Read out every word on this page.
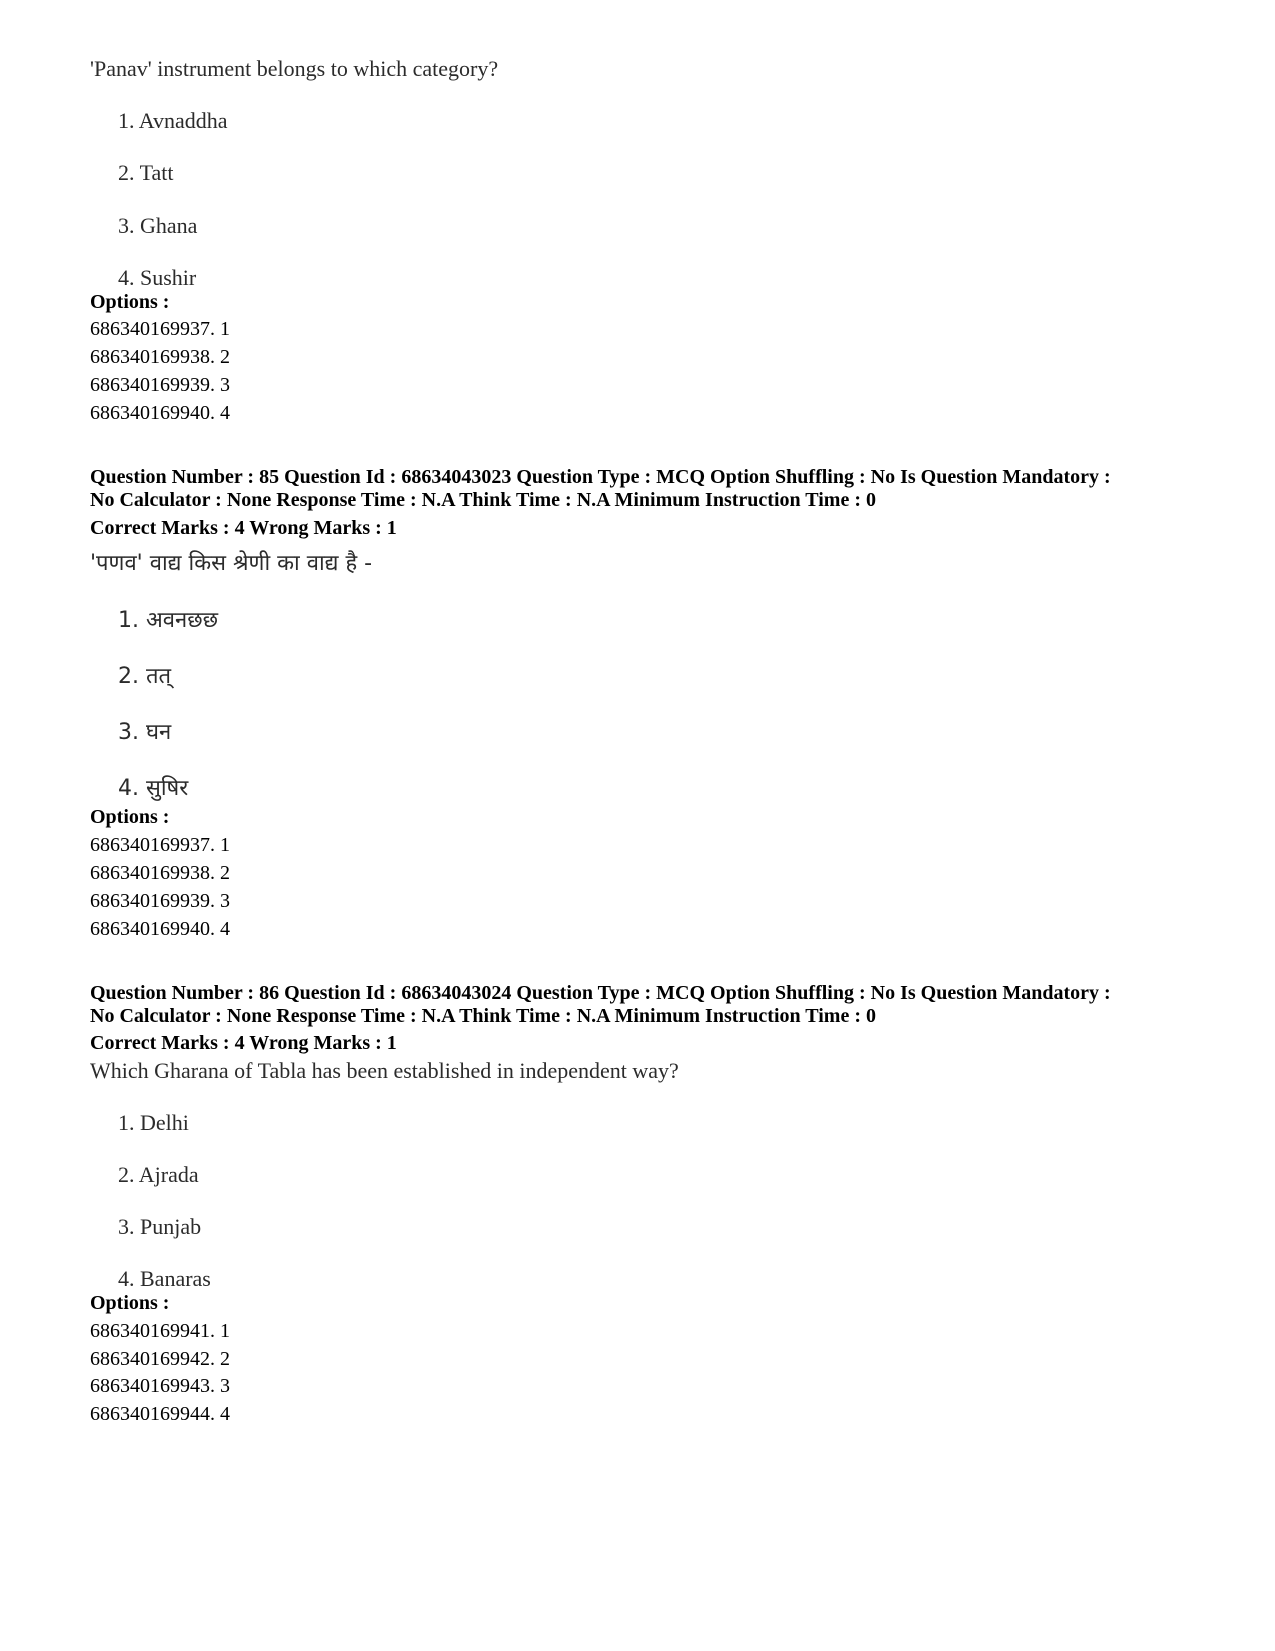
'Panav' instrument belongs to which category?
1. Avnaddha
2. Tatt
3. Ghana
4. Sushir
Options :
686340169937. 1
686340169938. 2
686340169939. 3
686340169940. 4
Question Number : 85 Question Id : 68634043023 Question Type : MCQ Option Shuffling : No Is Question Mandatory :
No Calculator : None Response Time : N.A Think Time : N.A Minimum Instruction Time : 0
Correct Marks : 4 Wrong Marks : 1
'पणव' वाद्य किस श्रेणी का वाद्य है -
1. अवनछछ
2. तत्
3. घन
4. सुषिर
Options :
686340169937. 1
686340169938. 2
686340169939. 3
686340169940. 4
Question Number : 86 Question Id : 68634043024 Question Type : MCQ Option Shuffling : No Is Question Mandatory :
No Calculator : None Response Time : N.A Think Time : N.A Minimum Instruction Time : 0
Correct Marks : 4 Wrong Marks : 1
Which Gharana of Tabla has been established in independent way?
1. Delhi
2. Ajrada
3. Punjab
4. Banaras
Options :
686340169941. 1
686340169942. 2
686340169943. 3
686340169944. 4
